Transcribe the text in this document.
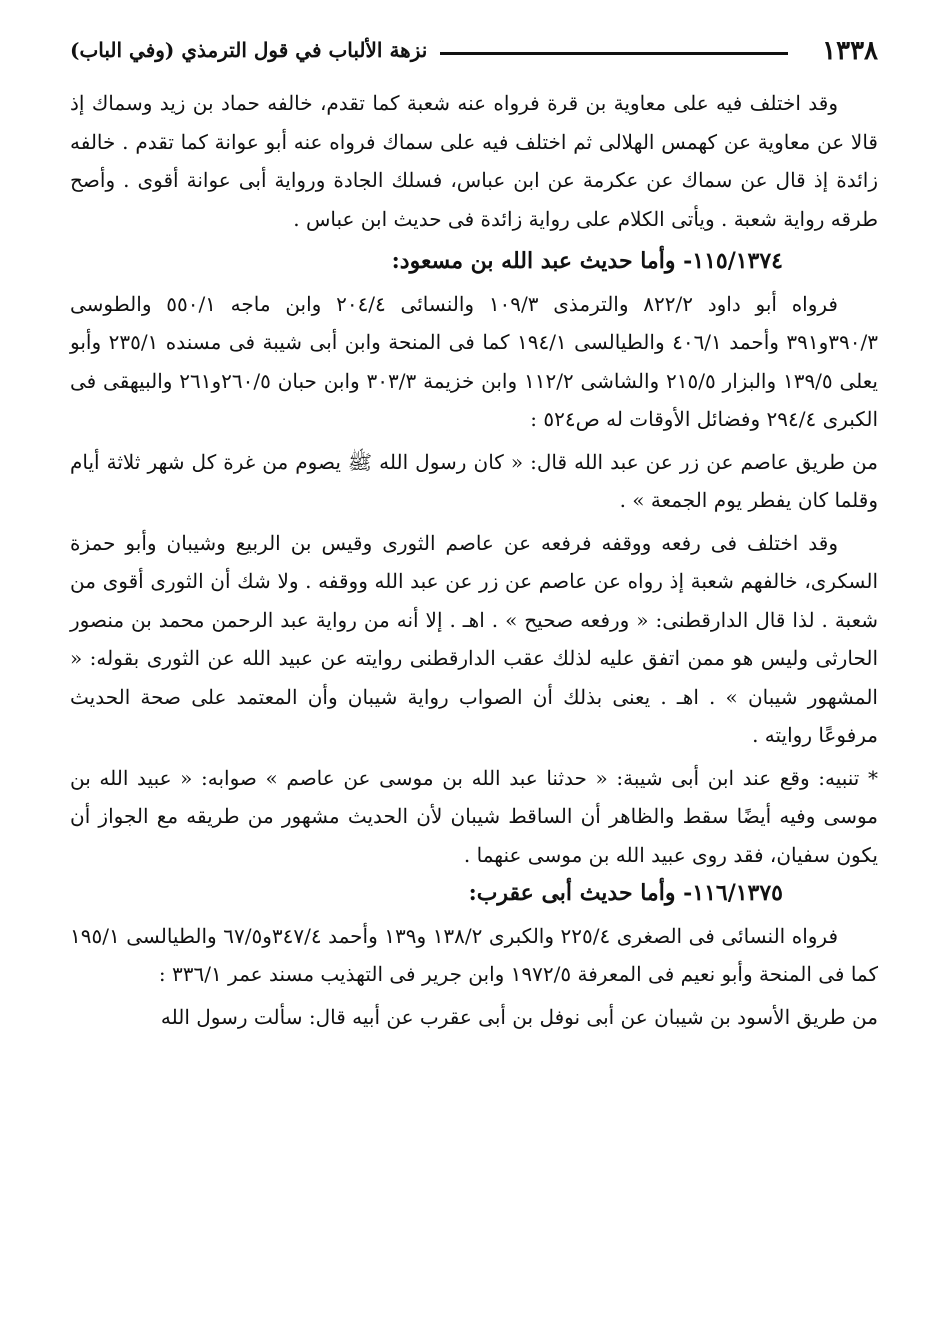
١٣٣٨
نزهة الألباب في قول الترمذي (وفي الباب)

وقد اختلف فيه على معاوية بن قرة فرواه عنه شعبة كما تقدم، خالفه حماد بن زيد وسماك إذ قالا عن معاوية عن كهمس الهلالى ثم اختلف فيه على سماك فرواه عنه أبو عوانة كما تقدم . خالفه زائدة إذ قال عن سماك عن عكرمة عن ابن عباس، فسلك الجادة ورواية أبى عوانة أقوى . وأصح طرقه رواية شعبة . ويأتى الكلام على رواية زائدة فى حديث ابن عباس .

١١٥/١٣٧٤- وأما حديث عبد الله بن مسعود:

فرواه أبو داود ٨٢٢/٢ والترمذى ١٠٩/٣ والنسائى ٢٠٤/٤ وابن ماجه ٥٥٠/١ والطوسى ٣٩٠/٣و٣٩١ وأحمد ٤٠٦/١ والطيالسى ١٩٤/١ كما فى المنحة وابن أبى شيبة فى مسنده ٢٣٥/١ وأبو يعلى ١٣٩/٥ والبزار ٢١٥/٥ والشاشى ١١٢/٢ وابن خزيمة ٣٠٣/٣ وابن حبان ٢٦٠/٥و٢٦١ والبيهقى فى الكبرى ٢٩٤/٤ وفضائل الأوقات له ص٥٢٤ :

من طريق عاصم عن زر عن عبد الله قال: « كان رسول الله ﷺ يصوم من غرة كل شهر ثلاثة أيام وقلما كان يفطر يوم الجمعة » .

وقد اختلف فى رفعه ووقفه فرفعه عن عاصم الثورى وقيس بن الربيع وشيبان وأبو حمزة السكرى، خالفهم شعبة إذ رواه عن عاصم عن زر عن عبد الله ووقفه . ولا شك أن الثورى أقوى من شعبة . لذا قال الدارقطنى: « ورفعه صحيح » . اهـ . إلا أنه من رواية عبد الرحمن محمد بن منصور الحارثى وليس هو ممن اتفق عليه لذلك عقب الدارقطنى روايته عن عبيد الله عن الثورى بقوله: « المشهور شيبان » . اهـ . يعنى بذلك أن الصواب رواية شيبان وأن المعتمد على صحة الحديث مرفوعًا روايته .

* تنبيه: وقع عند ابن أبى شيبة: « حدثنا عبد الله بن موسى عن عاصم » صوابه: « عبيد الله بن موسى وفيه أيضًا سقط والظاهر أن الساقط شيبان لأن الحديث مشهور من طريقه مع الجواز أن يكون سفيان، فقد روى عبيد الله بن موسى عنهما .

١١٦/١٣٧٥- وأما حديث أبى عقرب:

فرواه النسائى فى الصغرى ٢٢٥/٤ والكبرى ١٣٨/٢ و١٣٩ وأحمد ٣٤٧/٤و٦٧/٥ والطيالسى ١٩٥/١ كما فى المنحة وأبو نعيم فى المعرفة ١٩٧٢/٥ وابن جرير فى التهذيب مسند عمر ٣٣٦/١ :

من طريق الأسود بن شيبان عن أبى نوفل بن أبى عقرب عن أبيه قال: سألت رسول الله
